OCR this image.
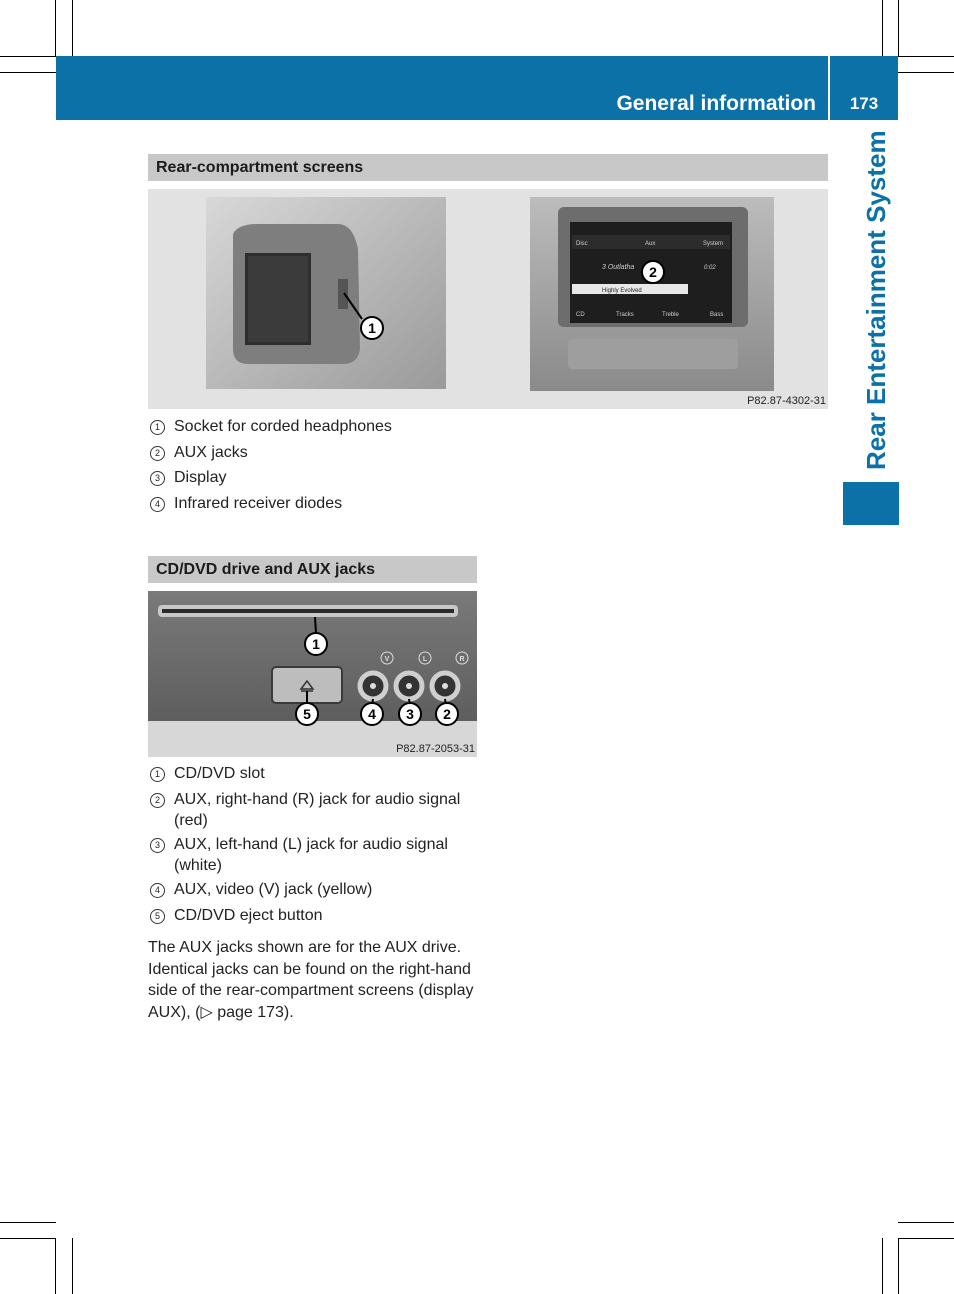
General information	173
Rear Entertainment System
Rear-compartment screens
Disc	Aux	System
3 Outlatha	0:02
CD	Tracks	Treble	Bass
Highly Evolved
1
2
P82.87-4302-31
1 Socket for corded headphones
2 AUX jacks
3 Display
4 Infrared receiver diodes
CD/DVD drive and AUX jacks
V	L	R
1
5	4 3 2
P82.87-2053-31
1 CD/DVD slot
2 AUX, right-hand (R) jack for audio signal (red)
3 AUX, left-hand (L) jack for audio signal (white)
4 AUX, video (V) jack (yellow)
5 CD/DVD eject button
The AUX jacks shown are for the AUX drive. Identical jacks can be found on the right-hand side of the rear-compartment screens (display AUX), (▷ page 173).
